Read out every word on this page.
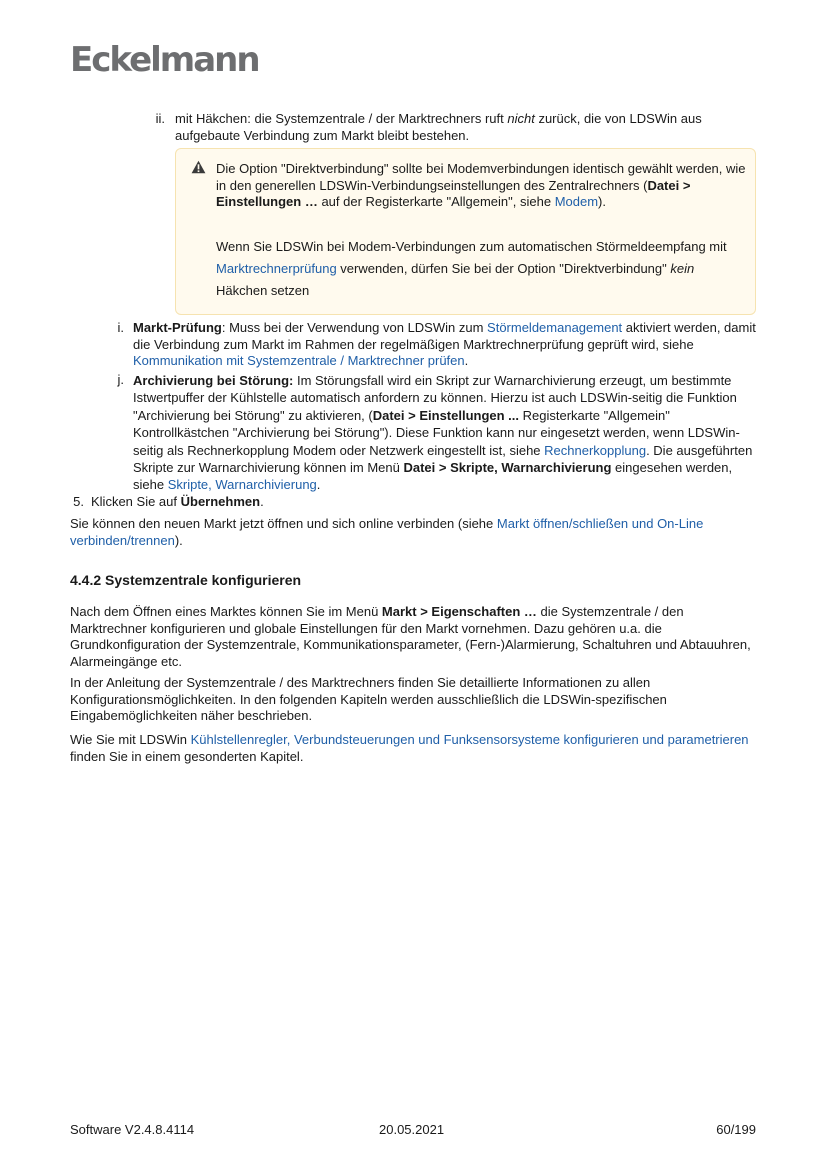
Eckelmann
ii. mit Häkchen: die Systemzentrale / der Marktrechners ruft nicht zurück, die von LDSWin aus aufgebaute Verbindung zum Markt bleibt bestehen.

Die Option "Direktverbindung" sollte bei Modemverbindungen identisch gewählt werden, wie in den generellen LDSWin-Verbindungseinstellungen des Zentralrechners (Datei > Einstellungen … auf der Registerkarte "Allgemein", siehe Modem).

Wenn Sie LDSWin bei Modem-Verbindungen zum automatischen Störmeldeempfang mit Marktrechnerprüfung verwenden, dürfen Sie bei der Option "Direktverbindung" kein Häkchen setzen

i. Markt-Prüfung: Muss bei der Verwendung von LDSWin zum Störmeldemanagement aktiviert werden, damit die Verbindung zum Markt im Rahmen der regelmäßigen Marktrechnerprüfung geprüft wird, siehe Kommunikation mit Systemzentrale / Marktrechner prüfen.
j. Archivierung bei Störung: Im Störungsfall wird ein Skript zur Warnarchivierung erzeugt, um bestimmte Istwertpuffer der Kühlstelle automatisch anfordern zu können. Hierzu ist auch LDSWin-seitig die Funktion "Archivierung bei Störung" zu aktivieren, (Datei > Einstellungen ... Registerkarte "Allgemein" Kontrollkästchen "Archivierung bei Störung"). Diese Funktion kann nur eingesetzt werden, wenn LDSWin-seitig als Rechnerkopplung Modem oder Netzwerk eingestellt ist, siehe Rechnerkopplung. Die ausgeführten Skripte zur Warnarchivierung können im Menü Datei > Skripte, Warnarchivierung eingesehen werden, siehe Skripte, Warnarchivierung.
5. Klicken Sie auf Übernehmen.
Sie können den neuen Markt jetzt öffnen und sich online verbinden (siehe Markt öffnen/schließen und On-Line verbinden/trennen).
4.4.2 Systemzentrale konfigurieren
Nach dem Öffnen eines Marktes können Sie im Menü Markt > Eigenschaften … die Systemzentrale / den Marktrechner konfigurieren und globale Einstellungen für den Markt vornehmen. Dazu gehören u.a. die Grundkonfiguration der Systemzentrale, Kommunikationsparameter, (Fern-)Alarmierung, Schaltuhren und Abtauuhren, Alarmeingänge etc.
In der Anleitung der Systemzentrale / des Marktrechners finden Sie detaillierte Informationen zu allen Konfigurationsmöglichkeiten. In den folgenden Kapiteln werden ausschließlich die LDSWin-spezifischen Eingabemöglichkeiten näher beschrieben.
Wie Sie mit LDSWin Kühlstellenregler, Verbundsteuerungen und Funksensorsysteme konfigurieren und parametrieren finden Sie in einem gesonderten Kapitel.
Software V2.4.8.4114	20.05.2021	60/199
